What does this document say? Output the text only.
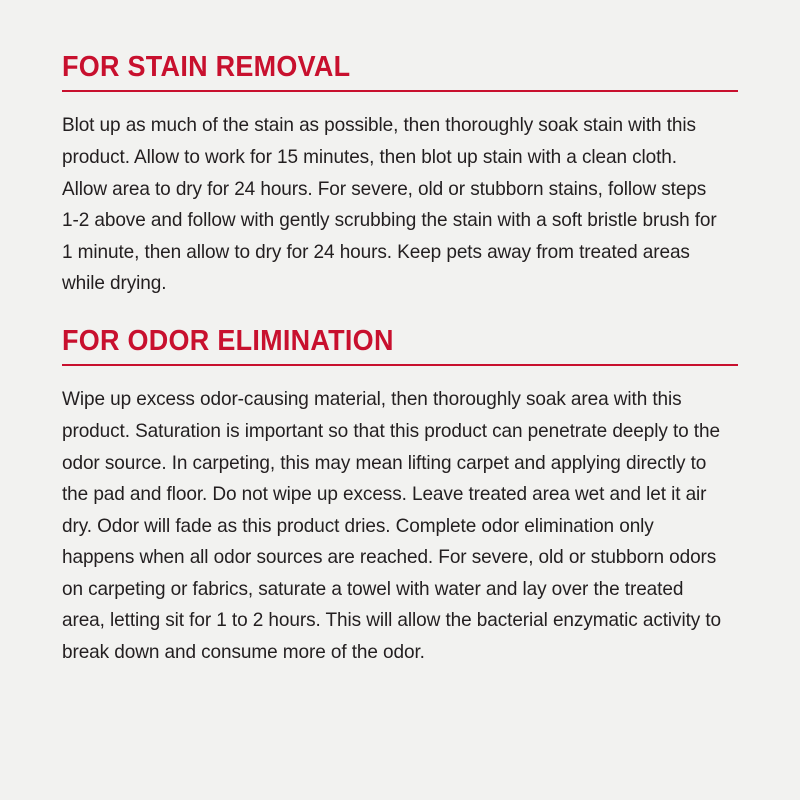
FOR STAIN REMOVAL

Blot up as much of the stain as possible, then thoroughly soak stain with this product. Allow to work for 15 minutes, then blot up stain with a clean cloth. Allow area to dry for 24 hours. For severe, old or stubborn stains, follow steps 1-2 above and follow with gently scrubbing the stain with a soft bristle brush for 1 minute, then allow to dry for 24 hours. Keep pets away from treated areas while drying.

FOR ODOR ELIMINATION

Wipe up excess odor-causing material, then thoroughly soak area with this product. Saturation is important so that this product can penetrate deeply to the odor source. In carpeting, this may mean lifting carpet and applying directly to the pad and floor. Do not wipe up excess. Leave treated area wet and let it air dry. Odor will fade as this product dries. Complete odor elimination only happens when all odor sources are reached. For severe, old or stubborn odors on carpeting or fabrics, saturate a towel with water and lay over the treated area, letting sit for 1 to 2 hours. This will allow the bacterial enzymatic activity to break down and consume more of the odor.
